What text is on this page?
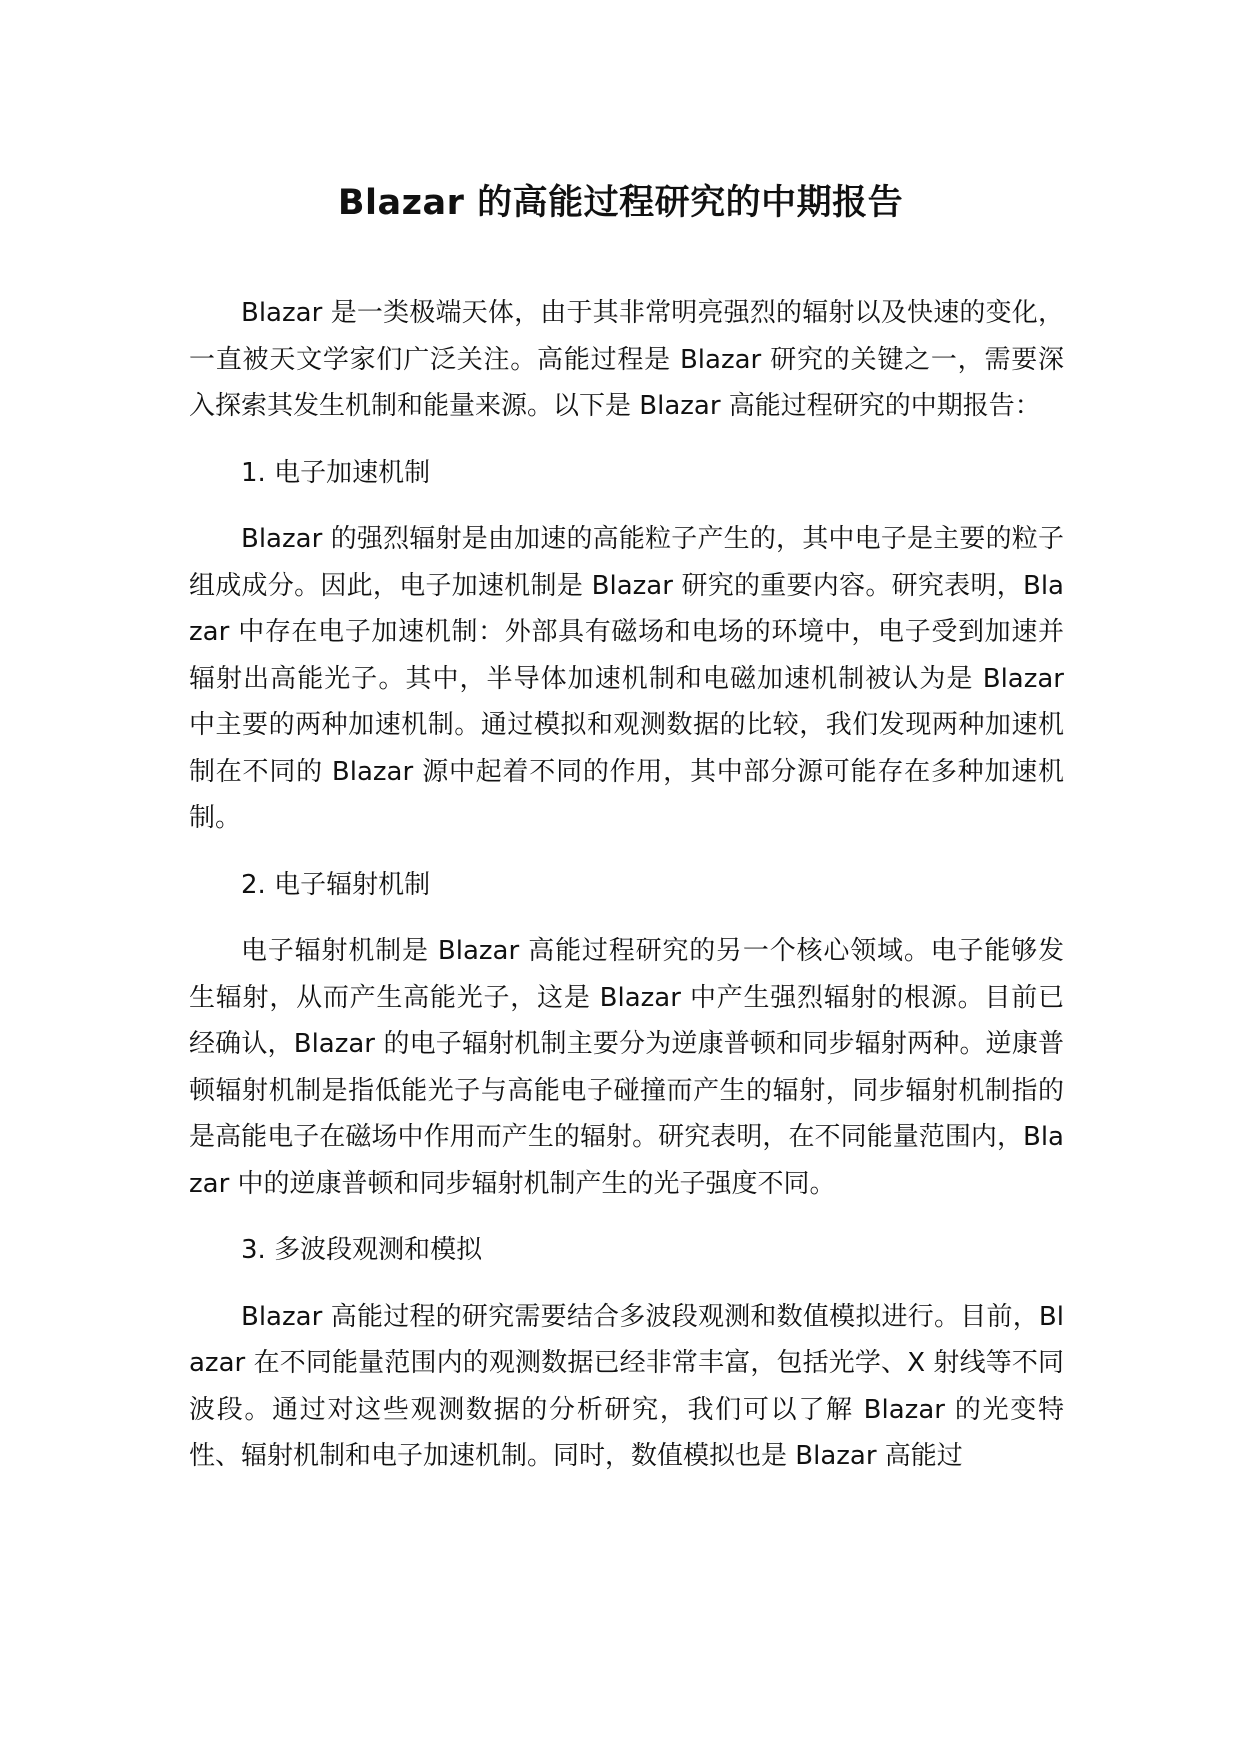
Blazar 的高能过程研究的中期报告

Blazar 是一类极端天体，由于其非常明亮强烈的辐射以及快速的变化，一直被天文学家们广泛关注。高能过程是 Blazar 研究的关键之一，需要深入探索其发生机制和能量来源。以下是 Blazar 高能过程研究的中期报告：

1. 电子加速机制

Blazar 的强烈辐射是由加速的高能粒子产生的，其中电子是主要的粒子组成成分。因此，电子加速机制是 Blazar 研究的重要内容。研究表明，Blazar 中存在电子加速机制：外部具有磁场和电场的环境中，电子受到加速并辐射出高能光子。其中，半导体加速机制和电磁加速机制被认为是 Blazar 中主要的两种加速机制。通过模拟和观测数据的比较，我们发现两种加速机制在不同的 Blazar 源中起着不同的作用，其中部分源可能存在多种加速机制。

2. 电子辐射机制

电子辐射机制是 Blazar 高能过程研究的另一个核心领域。电子能够发生辐射，从而产生高能光子，这是 Blazar 中产生强烈辐射的根源。目前已经确认，Blazar 的电子辐射机制主要分为逆康普顿和同步辐射两种。逆康普顿辐射机制是指低能光子与高能电子碰撞而产生的辐射，同步辐射机制指的是高能电子在磁场中作用而产生的辐射。研究表明，在不同能量范围内，Blazar 中的逆康普顿和同步辐射机制产生的光子强度不同。

3. 多波段观测和模拟

Blazar 高能过程的研究需要结合多波段观测和数值模拟进行。目前，Blazar 在不同能量范围内的观测数据已经非常丰富，包括光学、X 射线等不同波段。通过对这些观测数据的分析研究，我们可以了解 Blazar 的光变特性、辐射机制和电子加速机制。同时，数值模拟也是 Blazar 高能过
